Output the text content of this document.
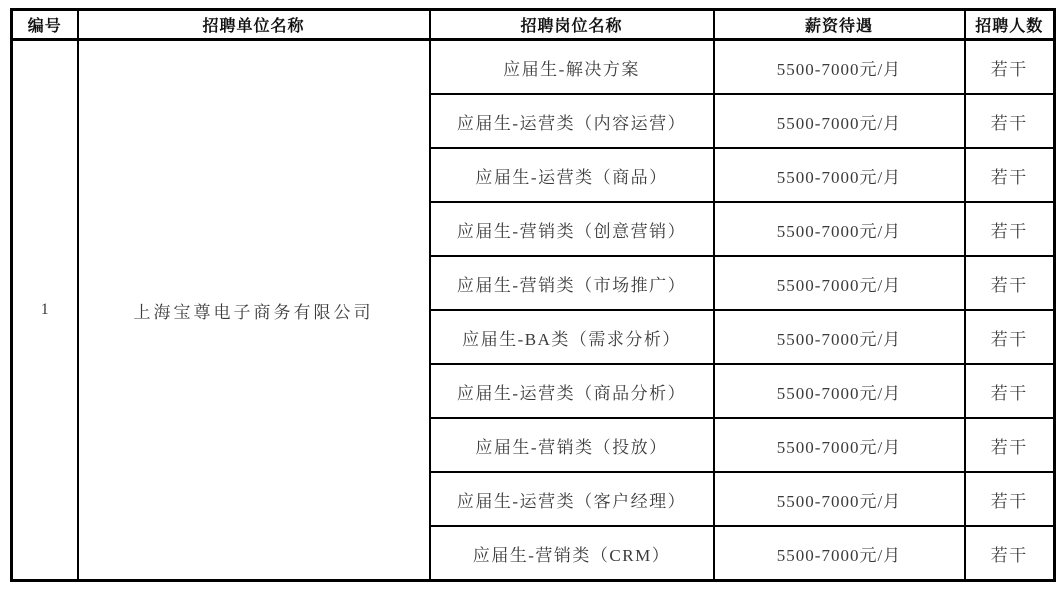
编号	招聘单位名称	招聘岗位名称	薪资待遇	招聘人数
1	上海宝尊电子商务有限公司	应届生-解决方案	5500-7000元/月	若干
		应届生-运营类（内容运营）	5500-7000元/月	若干
		应届生-运营类（商品）	5500-7000元/月	若干
		应届生-营销类（创意营销）	5500-7000元/月	若干
		应届生-营销类（市场推广）	5500-7000元/月	若干
		应届生-BA类（需求分析）	5500-7000元/月	若干
		应届生-运营类（商品分析）	5500-7000元/月	若干
		应届生-营销类（投放）	5500-7000元/月	若干
		应届生-运营类（客户经理）	5500-7000元/月	若干
		应届生-营销类（CRM）	5500-7000元/月	若干
